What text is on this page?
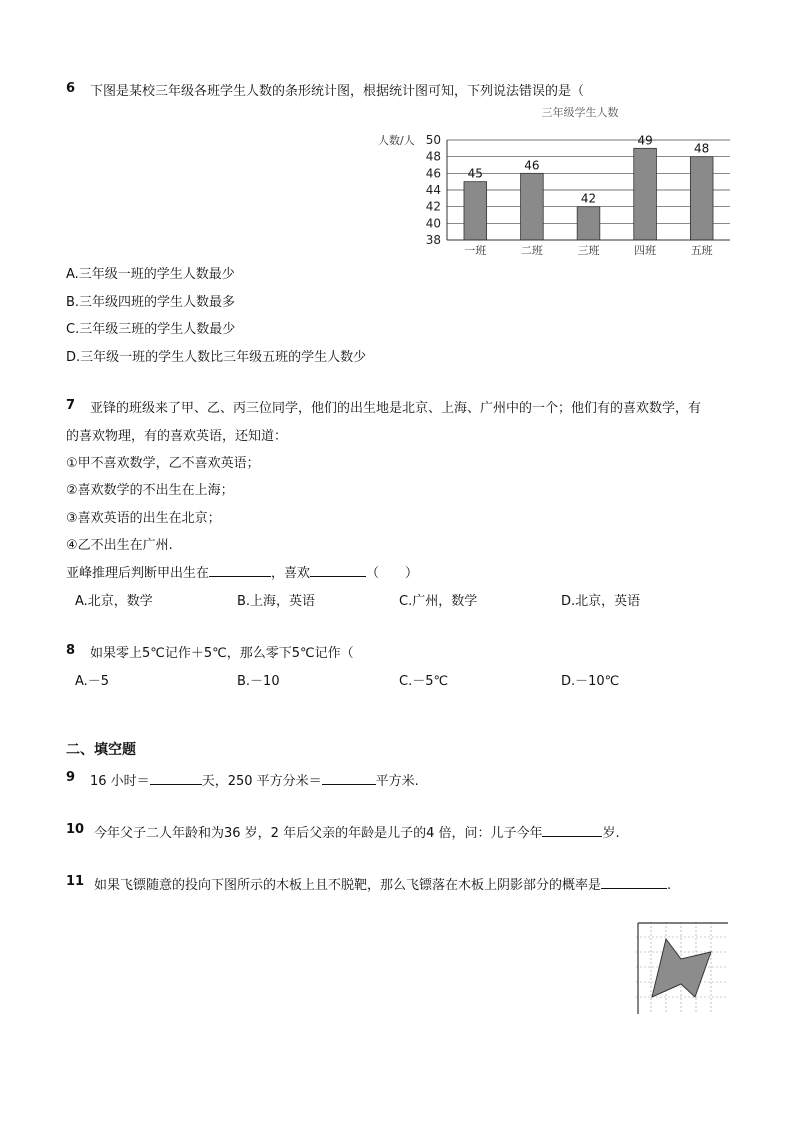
6 下图是某校三年级各班学生人数的条形统计图，根据统计图可知，下列说法错误的是（
三年级学生人数
人数/人
38
40
42
44
46
48
50
45
46
42
49
48
一班	二班	三班	四班	五班
A.三年级一班的学生人数最少
B.三年级四班的学生人数最多
C.三年级三班的学生人数最少
D.三年级一班的学生人数比三年级五班的学生人数少
7 亚锋的班级来了甲、乙、丙三位同学，他们的出生地是北京、上海、广州中的一个；他们有的喜欢数学，有
的喜欢物理，有的喜欢英语，还知道：
①甲不喜欢数学，乙不喜欢英语；
②喜欢数学的不出生在上海；
③喜欢英语的出生在北京；
④乙不出生在广州.
亚峰推理后判断甲出生在	，喜欢	（　　）
A.北京，数学	B.上海，英语	C.广州，数学	D.北京，英语
8 如果零上5℃记作＋5℃，那么零下5℃记作（
A.－5	B.－10	C.－5℃	D.－10℃
二、填空题
9 16 小时＝	天，250 平方分米＝	平方米.
10 今年父子二人年龄和为36 岁，2 年后父亲的年龄是儿子的4 倍，问：儿子今年	岁.
11 如果飞镖随意的投向下图所示的木板上且不脱靶，那么飞镖落在木板上阴影部分的概率是	.
